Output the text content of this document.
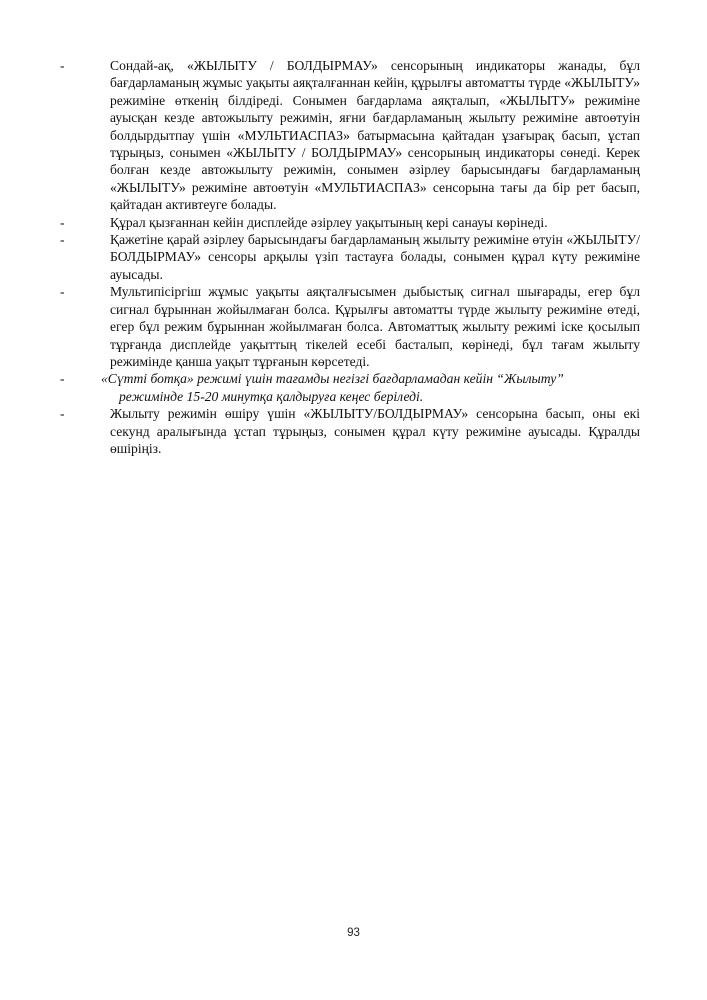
-	Сондай-ақ, «ЖЫЛЫТУ / БОЛДЫРМАУ» сенсорының индикаторы жанады, бұл бағдарламаның жұмыс уақыты аяқталғаннан кейін, құрылғы автоматты түрде «ЖЫЛЫТУ» режиміне өткенің білдіреді. Сонымен бағдарлама аяқталып, «ЖЫЛЫТУ» режиміне ауысқан кезде автожылыту режимін, яғни бағдарламаның жылыту режиміне автоөтуін болдырдытпау үшін «МУЛЬТИАСПАЗ» батырмасына қайтадан ұзағырақ басып, ұстап тұрыңыз, сонымен «ЖЫЛЫТУ / БОЛДЫРМАУ» сенсорының индикаторы сөнеді. Керек болған кезде автожылыту режимін, сонымен әзірлеу барысындағы бағдарламаның «ЖЫЛЫТУ» режиміне автоөтуін «МУЛЬТИАСПАЗ» сенсорына тағы да бір рет басып, қайтадан активтеуге болады.
-	Құрал қызғаннан кейін дисплейде әзірлеу уақытының кері санауы көрінеді.
-	Қажетіне қарай әзірлеу барысындағы бағдарламаның жылыту режиміне өтуін «ЖЫЛЫТУ/БОЛДЫРМАУ» сенсоры арқылы үзіп тастауға болады, сонымен құрал күту режиміне ауысады.
-	Мультипісіргіш жұмыс уақыты аяқталғысымен дыбыстық сигнал шығарады, егер бұл сигнал бұрыннан жойылмаған болса. Құрылғы автоматты түрде жылыту режиміне өтеді, егер бұл режим бұрыннан жойылмаған болса. Автоматтық жылыту режимі іске қосылып тұрғанда дисплейде уақыттың тікелей есебі басталып, көрінеді, бұл тағам жылыту режимінде қанша уақыт тұрғанын көрсетеді.
-	«Сүтті ботқа» режимі үшін тағамды негізгі бағдарламадан кейін “Жылыту”
режимінде 15-20 минутқа қалдыруға кеңес беріледі.
-	Жылыту режимін өшіру үшін «ЖЫЛЫТУ/БОЛДЫРМАУ» сенсорына басып, оны екі секунд аралығында ұстап тұрыңыз, сонымен құрал күту режиміне ауысады. Құралды өшіріңіз.
93
